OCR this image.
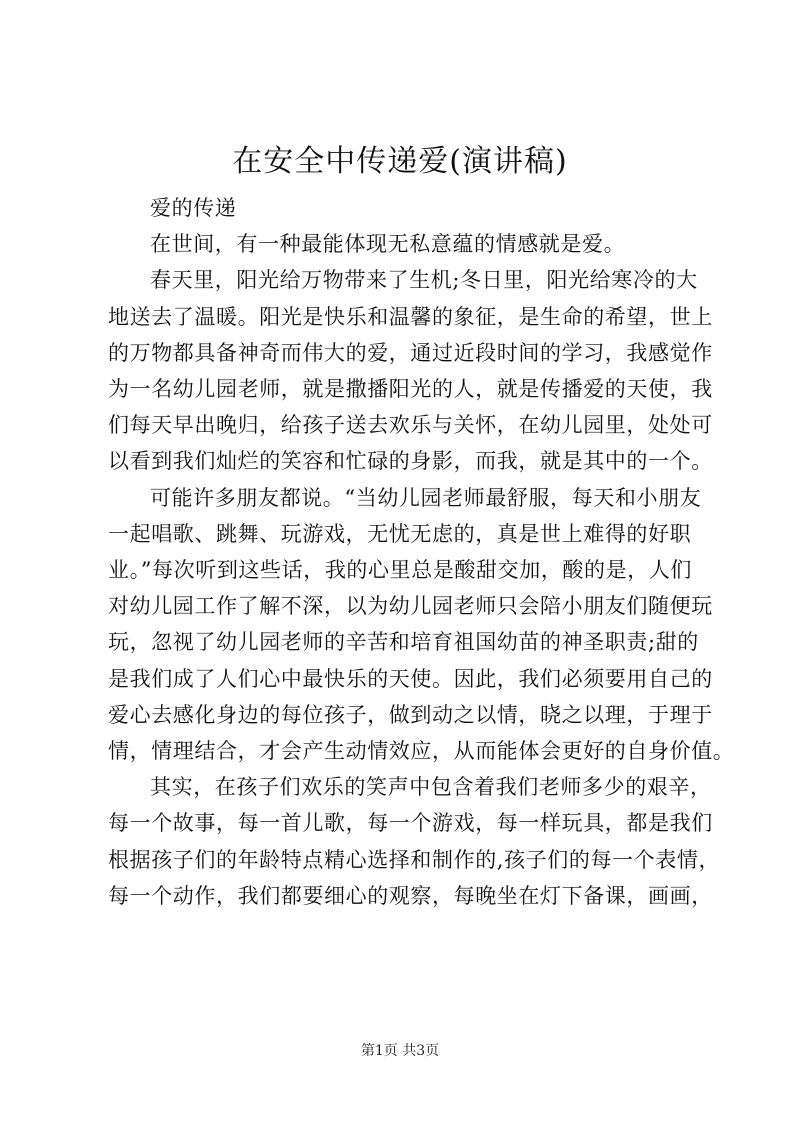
在安全中传递爱(演讲稿)

爱的传递

在世间，有一种最能体现无私意蕴的情感就是爱。

春天里，阳光给万物带来了生机;冬日里，阳光给寒冷的大
地送去了温暖。阳光是快乐和温馨的象征，是生命的希望，世上
的万物都具备神奇而伟大的爱，通过近段时间的学习，我感觉作
为一名幼儿园老师，就是撒播阳光的人，就是传播爱的天使，我
们每天早出晚归，给孩子送去欢乐与关怀，在幼儿园里，处处可
以看到我们灿烂的笑容和忙碌的身影，而我，就是其中的一个。

可能许多朋友都说。“当幼儿园老师最舒服，每天和小朋友
一起唱歌、跳舞、玩游戏，无忧无虑的，真是世上难得的好职
业。”每次听到这些话，我的心里总是酸甜交加，酸的是，人们
对幼儿园工作了解不深，以为幼儿园老师只会陪小朋友们随便玩
玩，忽视了幼儿园老师的辛苦和培育祖国幼苗的神圣职责;甜的
是我们成了人们心中最快乐的天使。因此，我们必须要用自己的
爱心去感化身边的每位孩子，做到动之以情，晓之以理，于理于
情，情理结合，才会产生动情效应，从而能体会更好的自身价值。

其实，在孩子们欢乐的笑声中包含着我们老师多少的艰辛，
每一个故事，每一首儿歌，每一个游戏，每一样玩具，都是我们
根据孩子们的年龄特点精心选择和制作的,孩子们的每一个表情，
每一个动作，我们都要细心的观察，每晚坐在灯下备课，画画，

第1页 共3页
